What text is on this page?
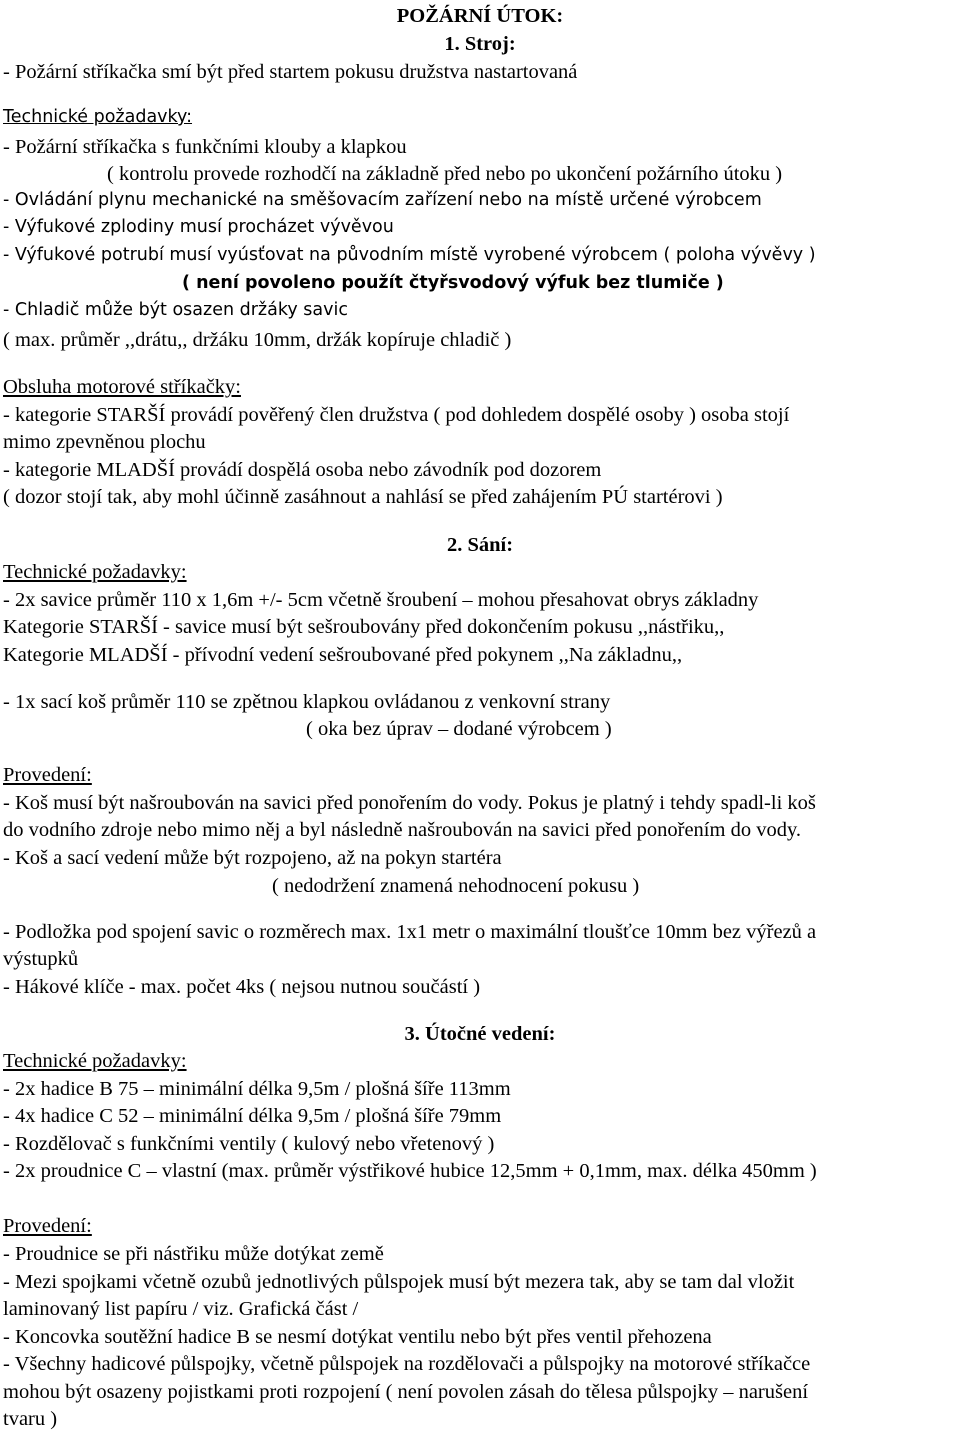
POŽÁRNÍ ÚTOK:
1. Stroj:
- Požární stříkačka smí být před startem pokusu družstva nastartovaná
Technické požadavky:
- Požární stříkačka s funkčními klouby a klapkou
( kontrolu provede rozhodčí na základně před nebo po ukončení požárního útoku )
- Ovládání plynu mechanické na směšovacím zařízení nebo na místě určené výrobcem
- Výfukové zplodiny musí procházet vývěvou
- Výfukové potrubí musí vyúsťovat na původním místě vyrobené výrobcem ( poloha vývěvy )
( není povoleno použít čtyřsvodový výfuk bez tlumiče )
- Chladič může být osazen držáky savic
( max. průměr ,,drátu,, držáku 10mm, držák kopíruje chladič )
Obsluha motorové stříkačky:
- kategorie STARŠÍ provádí pověřený člen družstva ( pod dohledem dospělé osoby ) osoba stojí
mimo zpevněnou plochu
- kategorie MLADŠÍ provádí dospělá osoba nebo závodník pod dozorem
( dozor stojí tak, aby mohl účinně zasáhnout a nahlásí se před zahájením PÚ startérovi )
2. Sání:
Technické požadavky:
- 2x savice průměr 110 x 1,6m +/- 5cm včetně šroubení – mohou přesahovat obrys základny
Kategorie STARŠÍ - savice musí být sešroubovány před dokončením pokusu ,,nástřiku,,
Kategorie MLADŠÍ - přívodní vedení sešroubované před pokynem ,,Na základnu,,
- 1x sací koš průměr 110 se zpětnou klapkou ovládanou z venkovní strany
( oka bez úprav – dodané výrobcem )
Provedení:
- Koš musí být našroubován na savici před ponořením do vody. Pokus je platný i tehdy spadl-li koš
do vodního zdroje nebo mimo něj a byl následně našroubován na savici před ponořením do vody.
- Koš a sací vedení může být rozpojeno, až na pokyn startéra
( nedodržení znamená nehodnocení pokusu )
- Podložka pod spojení savic o rozměrech max. 1x1 metr o maximální tloušťce 10mm bez výřezů a
výstupků
- Hákové klíče - max. počet 4ks ( nejsou nutnou součástí )
3. Útočné vedení:
Technické požadavky:
- 2x hadice B 75 – minimální délka 9,5m / plošná šíře 113mm
- 4x hadice C 52 – minimální délka 9,5m / plošná šíře 79mm
- Rozdělovač s funkčními ventily ( kulový nebo vřetenový )
- 2x proudnice C – vlastní (max. průměr výstřikové hubice 12,5mm + 0,1mm, max. délka 450mm )
Provedení:
- Proudnice se při nástřiku může dotýkat země
- Mezi spojkami včetně ozubů jednotlivých půlspojek musí být mezera tak, aby se tam dal vložit
laminovaný list papíru / viz. Grafická část /
- Koncovka soutěžní hadice B se nesmí dotýkat ventilu nebo být přes ventil přehozena
- Všechny hadicové půlspojky, včetně půlspojek na rozdělovači a půlspojky na motorové stříkačce
mohou být osazeny pojistkami proti rozpojení ( není povolen zásah do tělesa půlspojky – narušení
tvaru )
